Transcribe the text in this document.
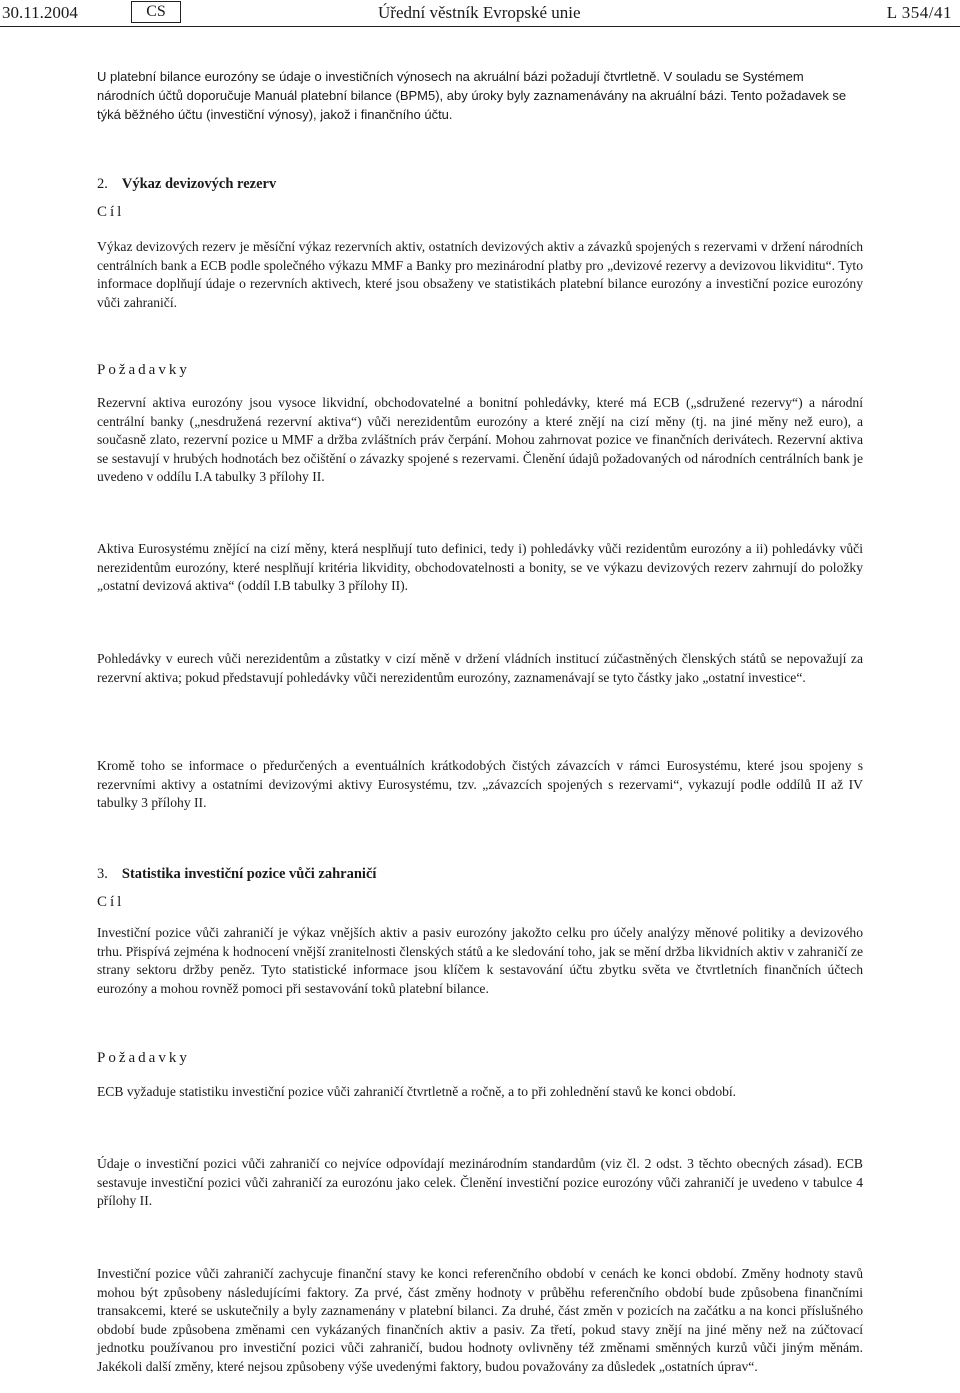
30.11.2004	CS	Úřední věstník Evropské unie	L 354/41
U platební bilance eurozóny se údaje o investičních výnosech na akruální bázi požadují čtvrtletně. V souladu se Systémem národních účtů doporučuje Manuál platební bilance (BPM5), aby úroky byly zaznamenávány na akruální bázi. Tento požadavek se týká běžného účtu (investiční výnosy), jakož i finančního účtu.
2. Výkaz devizových rezerv
Cíl
Výkaz devizových rezerv je měsíční výkaz rezervních aktiv, ostatních devizových aktiv a závazků spojených s rezervami v držení národních centrálních bank a ECB podle společného výkazu MMF a Banky pro mezinárodní platby pro „devizové rezervy a devizovou likviditu“. Tyto informace doplňují údaje o rezervních aktivech, které jsou obsaženy ve statistikách platební bilance eurozóny a investiční pozice eurozóny vůči zahraničí.
Požadavky
Rezervní aktiva eurozóny jsou vysoce likvidní, obchodovatelné a bonitní pohledávky, které má ECB („sdružené rezervy“) a národní centrální banky („nesdružená rezervní aktiva“) vůči nerezidentům eurozóny a které znějí na cizí měny (tj. na jiné měny než euro), a současně zlato, rezervní pozice u MMF a držba zvláštních práv čerpání. Mohou zahrnovat pozice ve finančních derivátech. Rezervní aktiva se sestavují v hrubých hodnotách bez očištění o závazky spojené s rezervami. Členění údajů požadovaných od národních centrálních bank je uvedeno v oddílu I.A tabulky 3 přílohy II.
Aktiva Eurosystému znějící na cizí měny, která nesplňují tuto definici, tedy i) pohledávky vůči rezidentům eurozóny a ii) pohledávky vůči nerezidentům eurozóny, které nesplňují kritéria likvidity, obchodovatelnosti a bonity, se ve výkazu devizových rezerv zahrnují do položky „ostatní devizová aktiva“ (oddíl I.B tabulky 3 přílohy II).
Pohledávky v eurech vůči nerezidentům a zůstatky v cizí měně v držení vládních institucí zúčastněných členských států se nepovažují za rezervní aktiva; pokud představují pohledávky vůči nerezidentům eurozóny, zaznamenávají se tyto částky jako „ostatní investice“.
Kromě toho se informace o předurčených a eventuálních krátkodobých čistých závazcích v rámci Eurosystému, které jsou spojeny s rezervními aktivy a ostatními devizovými aktivy Eurosystému, tzv. „závazcích spojených s rezervami“, vykazují podle oddílů II až IV tabulky 3 přílohy II.
3. Statistika investiční pozice vůči zahraničí
Cíl
Investiční pozice vůči zahraničí je výkaz vnějších aktiv a pasiv eurozóny jakožto celku pro účely analýzy měnové politiky a devizového trhu. Přispívá zejména k hodnocení vnější zranitelnosti členských států a ke sledování toho, jak se mění držba likvidních aktiv v zahraničí ze strany sektoru držby peněz. Tyto statistické informace jsou klíčem k sestavování účtu zbytku světa ve čtvrtletních finančních účtech eurozóny a mohou rovněž pomoci při sestavování toků platební bilance.
Požadavky
ECB vyžaduje statistiku investiční pozice vůči zahraničí čtvrtletně a ročně, a to při zohlednění stavů ke konci období.
Údaje o investiční pozici vůči zahraničí co nejvíce odpovídají mezinárodním standardům (viz čl. 2 odst. 3 těchto obecných zásad). ECB sestavuje investiční pozici vůči zahraničí za eurozónu jako celek. Členění investiční pozice eurozóny vůči zahraničí je uvedeno v tabulce 4 přílohy II.
Investiční pozice vůči zahraničí zachycuje finanční stavy ke konci referenčního období v cenách ke konci období. Změny hodnoty stavů mohou být způsobeny následujícími faktory. Za prvé, část změny hodnoty v průběhu referenčního období bude způsobena finančními transakcemi, které se uskutečnily a byly zaznamenány v platební bilanci. Za druhé, část změn v pozicích na začátku a na konci příslušného období bude způsobena změnami cen vykázaných finančních aktiv a pasiv. Za třetí, pokud stavy znějí na jiné měny než na zúčtovací jednotku používanou pro investiční pozici vůči zahraničí, budou hodnoty ovlivněny též změnami směnných kurzů vůči jiným měnám. Jakékoli další změny, které nejsou způsobeny výše uvedenými faktory, budou považovány za důsledek „ostatních úprav“.
